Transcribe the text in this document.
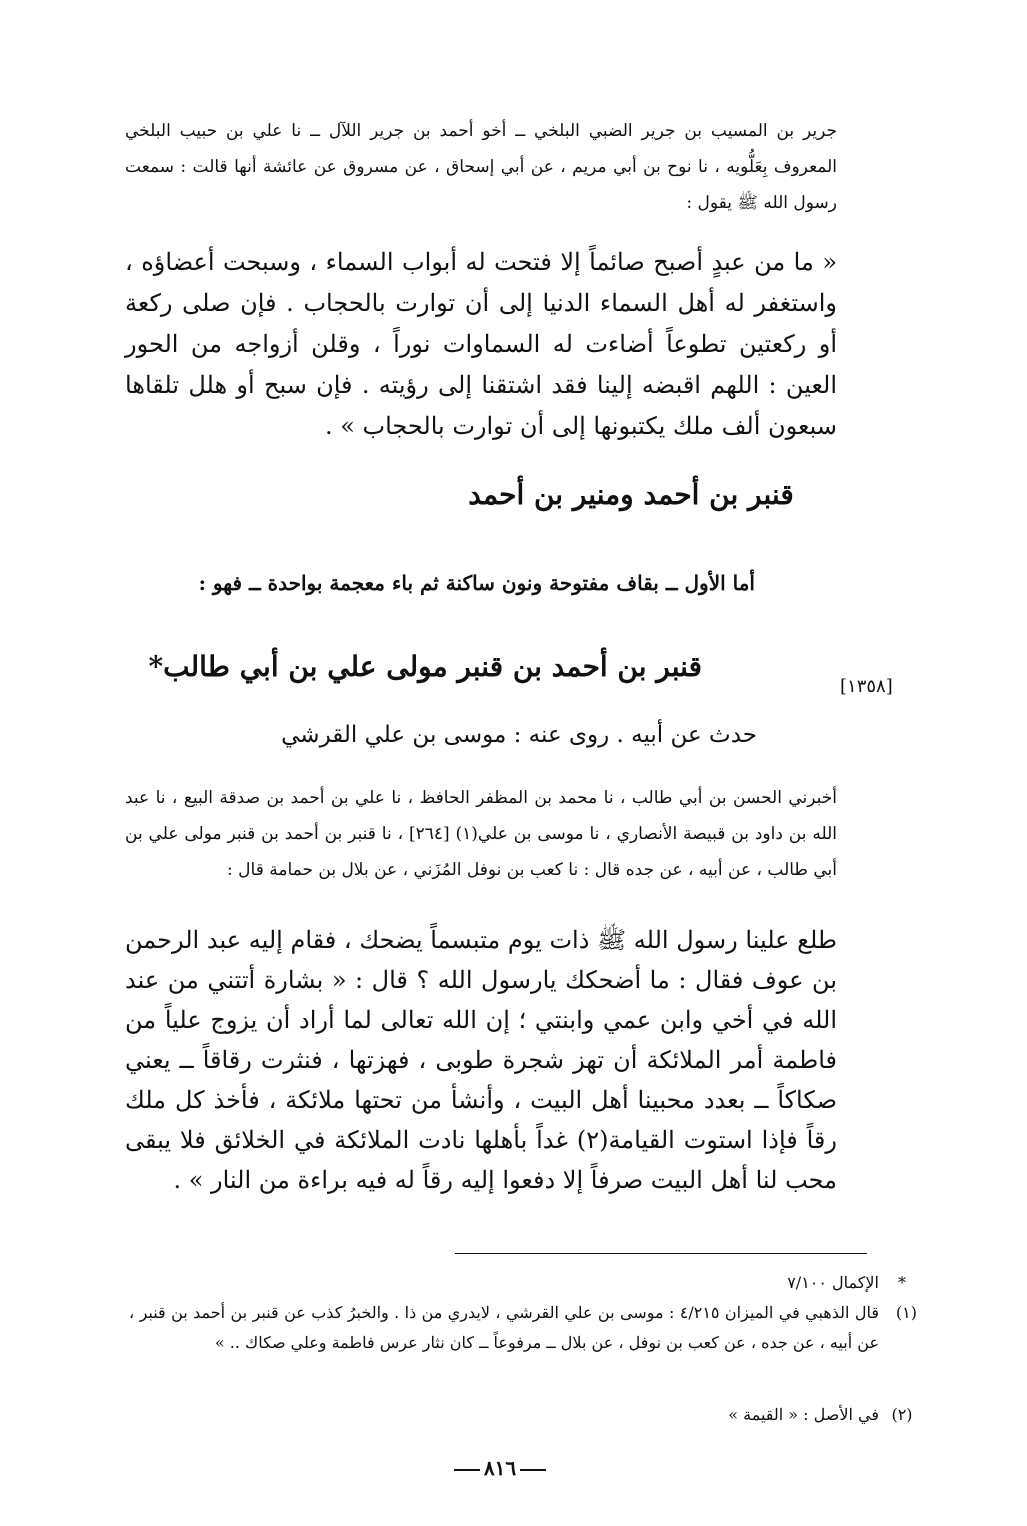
جرير بن المسيب بن جرير الضبي البلخي ــ أخو أحمد بن جرير اللآل ــ نا علي بن حبيب البلخي المعروف بِعَلُّويه ، نا نوح بن أبي مريم ، عن أبي إسحاق ، عن مسروق عن عائشة أنها قالت : سمعت رسول الله ﷺ يقول :
« ما من عبدٍ أصبح صائماً إلا فتحت له أبواب السماء ، وسبحت أعضاؤه ، واستغفر له أهل السماء الدنيا إلى أن توارت بالحجاب . فإن صلى ركعة أو ركعتين تطوعاً أضاءت له السماوات نوراً ، وقلن أزواجه من الحور العين : اللهم اقبضه إلينا فقد اشتقنا إلى رؤيته . فإن سبح أو هلل تلقاها سبعون ألف ملك يكتبونها إلى أن توارت بالحجاب » .
قنبر بن أحمد ومنير بن أحمد
أما الأول ــ بقاف مفتوحة ونون ساكنة ثم باء معجمة بواحدة ــ فهو :
قنبر بن أحمد بن قنبر مولى علي بن أبي طالب*
[١٣٥٨]
حدث عن أبيه . روى عنه : موسى بن علي القرشي
أخبرني الحسن بن أبي طالب ، نا محمد بن المظفر الحافظ ، نا علي بن أحمد بن صدقة البيع ، نا عبد الله بن داود بن قبيصة الأنصاري ، نا موسى بن علي(١) [٢٦٤] ، نا قنبر بن أحمد بن قنبر مولى علي بن أبي طالب ، عن أبيه ، عن جده قال : نا كعب بن نوفل المُزَني ، عن بلال بن حمامة قال :
طلع علينا رسول الله ﷺ ذات يوم متبسماً يضحك ، فقام إليه عبد الرحمن بن عوف فقال : ما أضحكك يارسول الله ؟ قال : « بشارة أتتني من عند الله في أخي وابن عمي وابنتي ؛ إن الله تعالى لما أراد أن يزوج علياً من فاطمة أمر الملائكة أن تهز شجرة طوبى ، فهزتها ، فنثرت رقاقاً ــ يعني صكاكاً ــ بعدد محبينا أهل البيت ، وأنشأ من تحتها ملائكة ، فأخذ كل ملك رقاً فإذا استوت القيامة(٢) غداً بأهلها نادت الملائكة في الخلائق فلا يبقى محب لنا أهل البيت صرفاً إلا دفعوا إليه رقاً له فيه براءة من النار » .
*
الإكمال ٧/١٠٠
(١)
قال الذهبي في الميزان ٤/٢١٥ : موسى بن علي القرشي ، لايدري من ذا . والخبرُ كذب عن قنبر بن أحمد بن قنبر ، عن أبيه ، عن جده ، عن كعب بن نوفل ، عن بلال ــ مرفوعاً ــ كان نثار عرس فاطمة وعلي صكاك .. »
(٢)
في الأصل : « القيمة »
٨١٦
